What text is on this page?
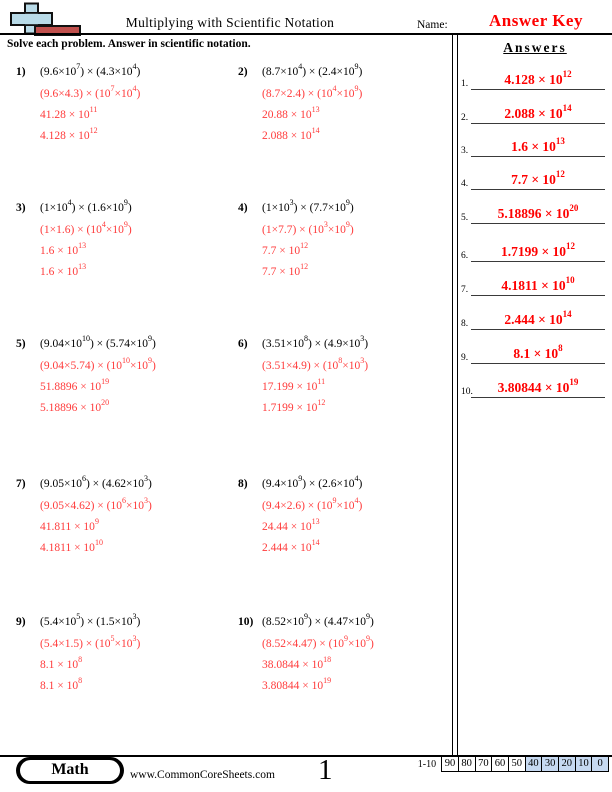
Multiplying with Scientific Notation	Name:	Answer Key
Solve each problem. Answer in scientific notation.
1)	$(9.6\times 10^7) \times (4.3\times 10^4)$
$(9.6\times 4.3) \times (10^7\times 10^4)$
$41.28 \times 10^{11}$
$4.128 \times 10^{12}$
2)	$(8.7\times 10^4) \times (2.4\times 10^9)$
$(8.7\times 2.4) \times (10^4\times 10^9)$
$20.88 \times 10^{13}$
$2.088 \times 10^{14}$
3)	$(1\times 10^4) \times (1.6\times 10^9)$
$(1\times 1.6) \times (10^4\times 10^9)$
$1.6 \times 10^{13}$
$1.6 \times 10^{13}$
4)	$(1\times 10^3) \times (7.7\times 10^9)$
$(1\times 7.7) \times (10^3\times 10^9)$
$7.7 \times 10^{12}$
$7.7 \times 10^{12}$
5)	$(9.04\times 10^{10}) \times (5.74\times 10^9)$
$(9.04\times 5.74) \times (10^{10}\times 10^9)$
$51.8896 \times 10^{19}$
$5.18896 \times 10^{20}$
6)	$(3.51\times 10^8) \times (4.9\times 10^3)$
$(3.51\times 4.9) \times (10^8\times 10^3)$
$17.199 \times 10^{11}$
$1.7199 \times 10^{12}$
7)	$(9.05\times 10^6) \times (4.62\times 10^3)$
$(9.05\times 4.62) \times (10^6\times 10^3)$
$41.811 \times 10^9$
$4.1811 \times 10^{10}$
8)	$(9.4\times 10^9) \times (2.6\times 10^4)$
$(9.4\times 2.6) \times (10^9\times 10^4)$
$24.44 \times 10^{13}$
$2.444 \times 10^{14}$
9)	$(5.4\times 10^5) \times (1.5\times 10^3)$
$(5.4\times 1.5) \times (10^5\times 10^3)$
$8.1 \times 10^8$
$8.1 \times 10^8$
10) $(8.52\times 10^9) \times (4.47\times 10^9)$
$(8.52\times 4.47) \times (10^9\times 10^9)$
$38.0844 \times 10^{18}$
$3.80844 \times 10^{19}$
Answers
1.	$4.128 \times 10^{12}$
2.	$2.088 \times 10^{14}$
3.	$1.6 \times 10^{13}$
4.	$7.7 \times 10^{12}$
5.	$5.18896 \times 10^{20}$
6.	$1.7199 \times 10^{12}$
7.	$4.1811 \times 10^{10}$
8.	$2.444 \times 10^{14}$
9.	$8.1 \times 10^8$
10.	$3.80844 \times 10^{19}$
Math	www.CommonCoreSheets.com 1	1-10 90 80 70 60 50 40 30 20 10 0
